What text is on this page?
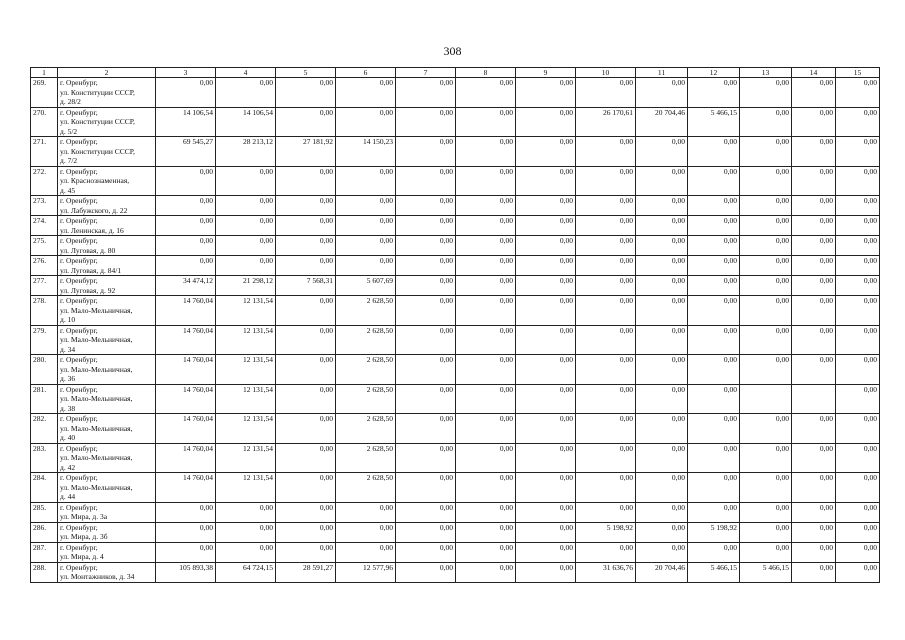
308
1	2	3	4	5	6	7	8	9	10	11	12	13	14	15
269.	г. Оренбург,
ул. Конституции СССР,
д. 28/2	0,00	0,00	0,00	0,00	0,00	0,00	0,00	0,00	0,00	0,00	0,00	0,00	0,00
270.	г. Оренбург,
ул. Конституции СССР,
д. 5/2	14 106,54	14 106,54	0,00	0,00	0,00	0,00	0,00	26 170,61	20 704,46	5 466,15	0,00	0,00	0,00
271.	г. Оренбург,
ул. Конституции СССР,
д. 7/2	69 545,27	28 213,12	27 181,92	14 150,23	0,00	0,00	0,00	0,00	0,00	0,00	0,00	0,00	0,00
272.	г. Оренбург,
ул. Краснознаменная,
д. 45	0,00	0,00	0,00	0,00	0,00	0,00	0,00	0,00	0,00	0,00	0,00	0,00	0,00
273.	г. Оренбург,
ул. Лабужского, д. 22	0,00	0,00	0,00	0,00	0,00	0,00	0,00	0,00	0,00	0,00	0,00	0,00	0,00
274.	г. Оренбург,
ул. Ленинская, д. 16	0,00	0,00	0,00	0,00	0,00	0,00	0,00	0,00	0,00	0,00	0,00	0,00	0,00
275.	г. Оренбург,
ул. Луговая, д. 80	0,00	0,00	0,00	0,00	0,00	0,00	0,00	0,00	0,00	0,00	0,00	0,00	0,00
276.	г. Оренбург,
ул. Луговая, д. 84/1	0,00	0,00	0,00	0,00	0,00	0,00	0,00	0,00	0,00	0,00	0,00	0,00	0,00
277.	г. Оренбург,
ул. Луговая, д. 92	34 474,12	21 298,12	7 568,31	5 607,69	0,00	0,00	0,00	0,00	0,00	0,00	0,00	0,00	0,00
278.	г. Оренбург,
ул. Мало-Мельничная,
д. 10	14 760,04	12 131,54	0,00	2 628,50	0,00	0,00	0,00	0,00	0,00	0,00	0,00	0,00	0,00
279.	г. Оренбург,
ул. Мало-Мельничная,
д. 34	14 760,04	12 131,54	0,00	2 628,50	0,00	0,00	0,00	0,00	0,00	0,00	0,00	0,00	0,00
280.	г. Оренбург,
ул. Мало-Мельничная,
д. 36	14 760,04	12 131,54	0,00	2 628,50	0,00	0,00	0,00	0,00	0,00	0,00	0,00	0,00	0,00
281.	г. Оренбург,
ул. Мало-Мельничная,
д. 38	14 760,04	12 131,54	0,00	2 628,50	0,00	0,00	0,00	0,00	0,00	0,00			0,00
282.	г. Оренбург,
ул. Мало-Мельничная,
д. 40	14 760,04	12 131,54	0,00	2 628,50	0,00	0,00	0,00	0,00	0,00	0,00	0,00	0,00	0,00
283.	г. Оренбург,
ул. Мало-Мельничная,
д. 42	14 760,04	12 131,54	0,00	2 628,50	0,00	0,00	0,00	0,00	0,00	0,00	0,00	0,00	0,00
284.	г. Оренбург,
ул. Мало-Мельничная,
д. 44	14 760,04	12 131,54	0,00	2 628,50	0,00	0,00	0,00	0,00	0,00	0,00	0,00	0,00	0,00
285.	г. Оренбург,
ул. Мира, д. 3а	0,00	0,00	0,00	0,00	0,00	0,00	0,00	0,00	0,00	0,00	0,00	0,00	0,00
286.	г. Оренбург,
ул. Мира, д. 3б	0,00	0,00	0,00	0,00	0,00	0,00	0,00	5 198,92	0,00	5 198,92	0,00	0,00	0,00
287.	г. Оренбург,
ул. Мира, д. 4	0,00	0,00	0,00	0,00	0,00	0,00	0,00	0,00	0,00	0,00	0,00	0,00	0,00
288.	г. Оренбург,
ул. Монтажников, д. 34	105 893,38	64 724,15	28 591,27	12 577,96	0,00	0,00	0,00	31 636,76	20 704,46	5 466,15	5 466,15	0,00	0,00
